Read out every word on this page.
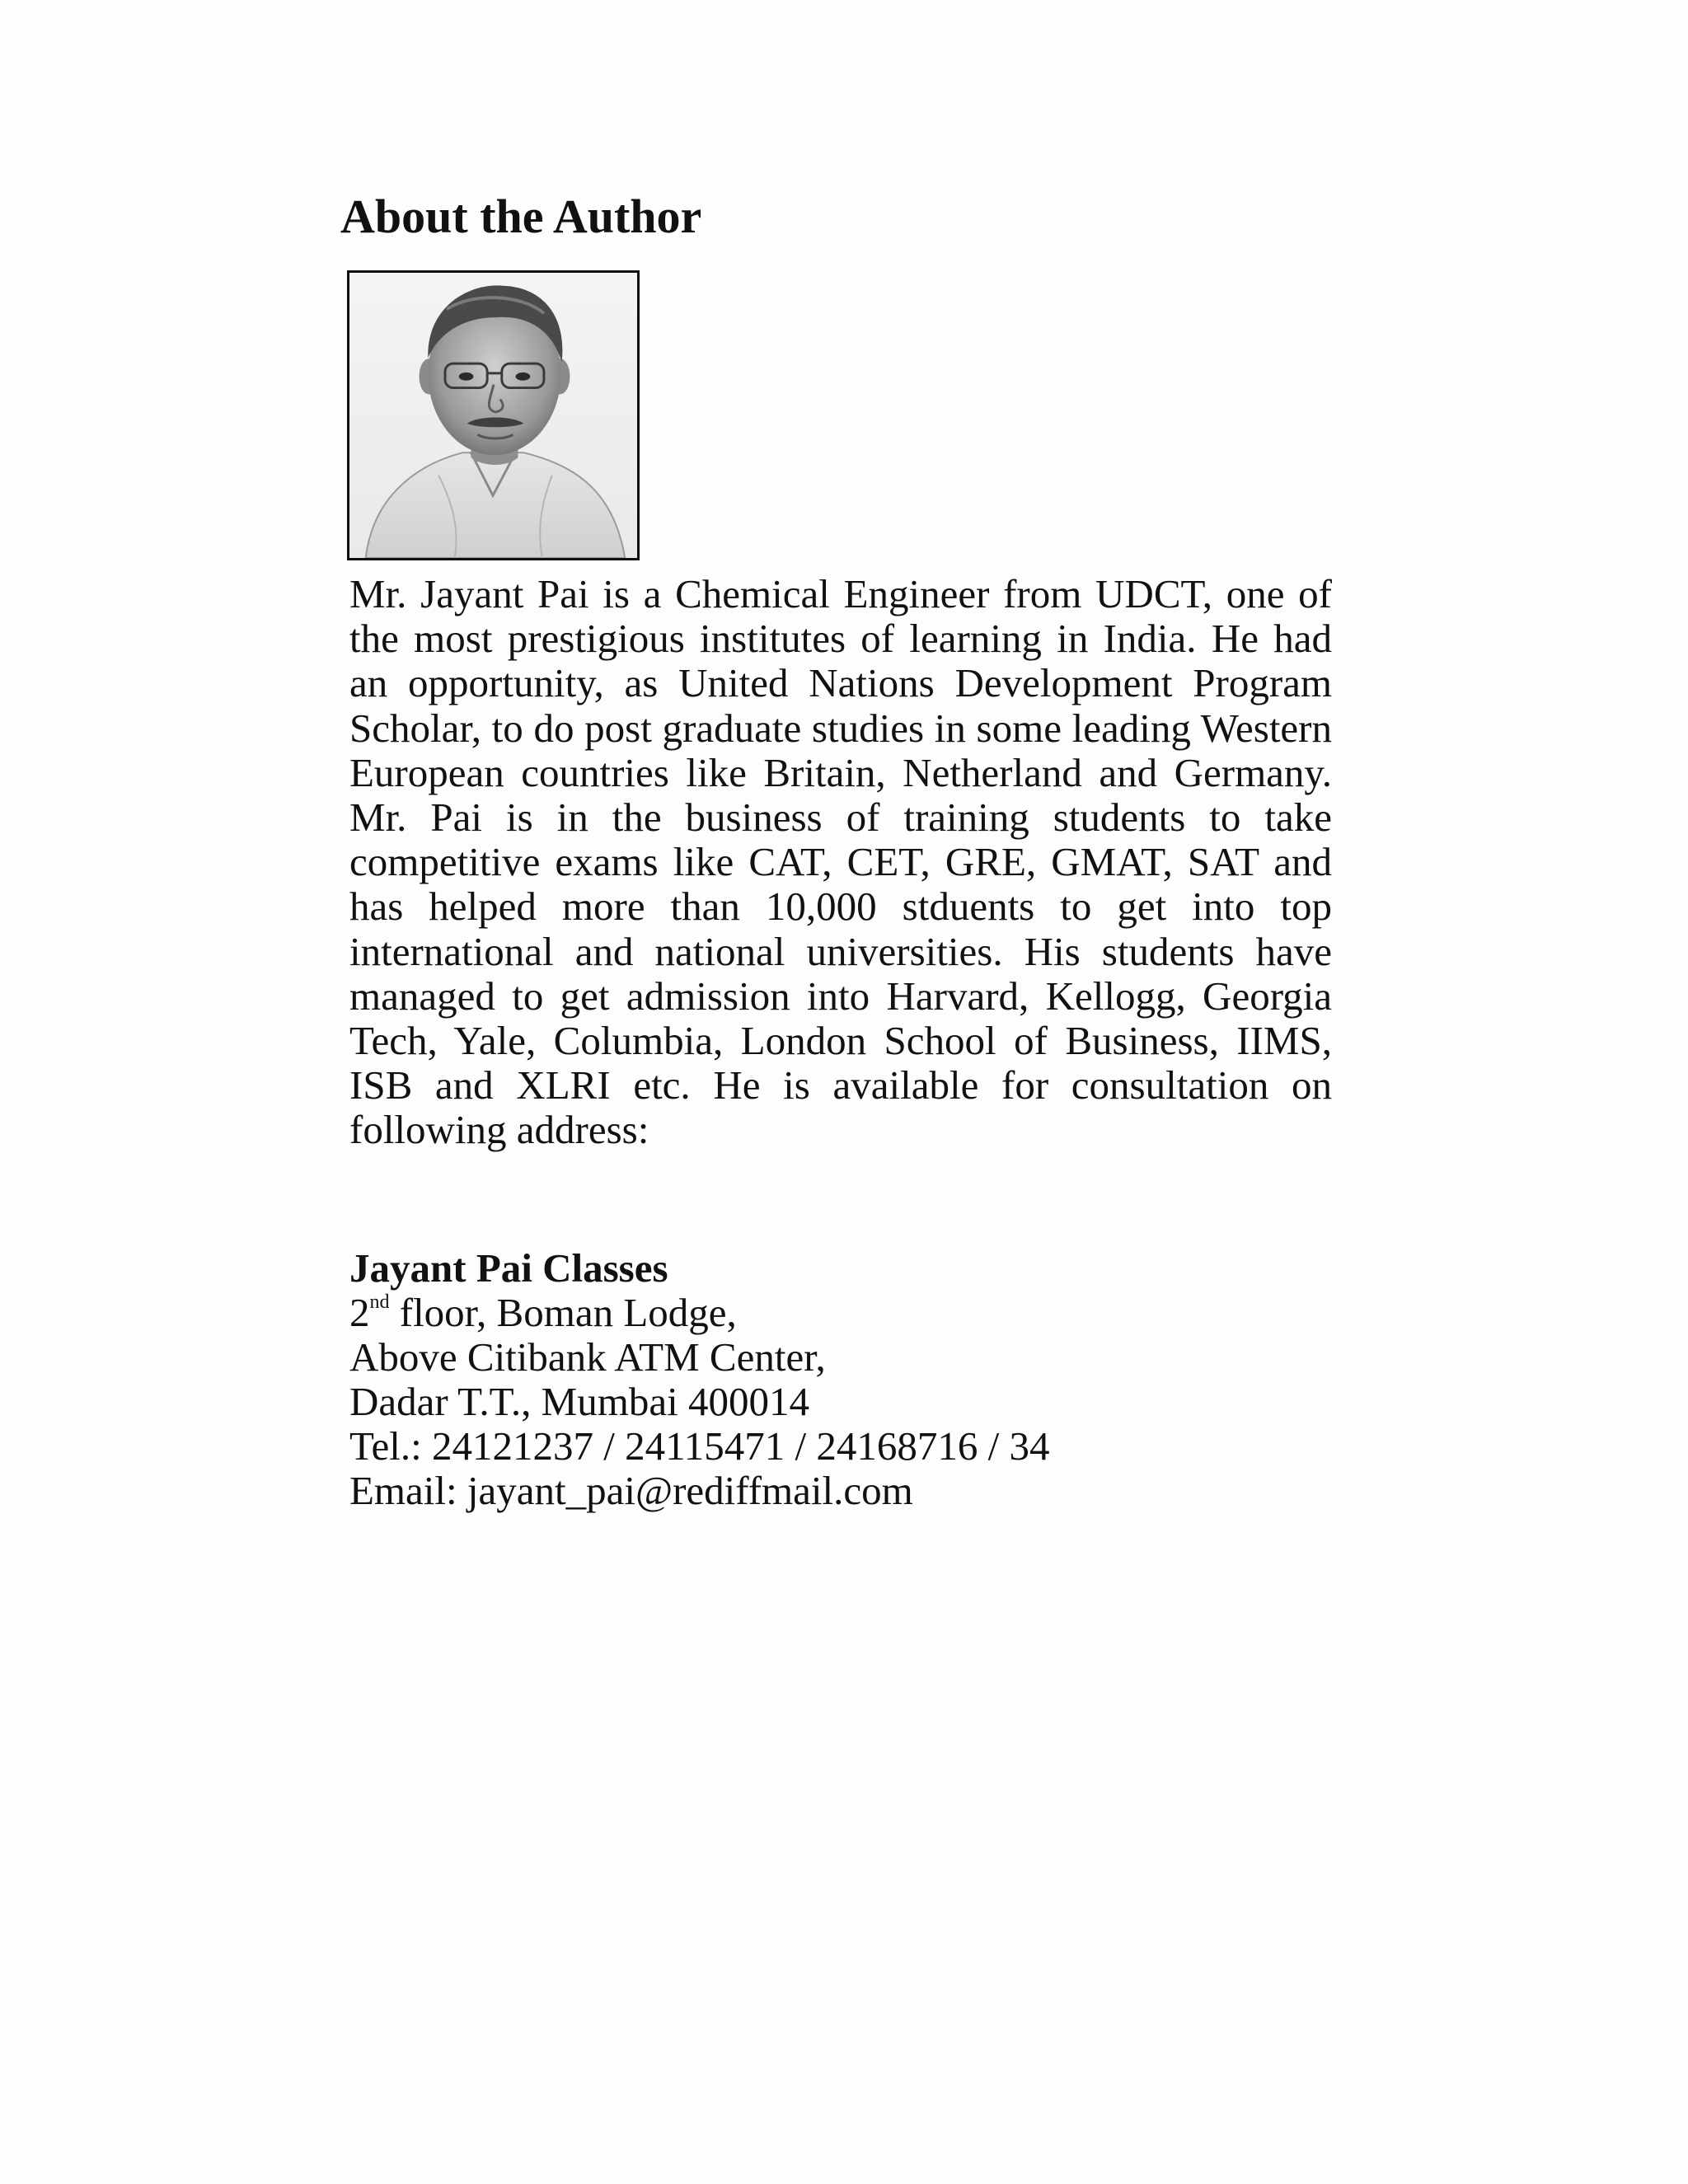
About the Author

Mr. Jayant Pai is a Chemical Engineer from UDCT, one of the most prestigious institutes of learning in India. He had an opportunity, as United Nations Development Program Scholar, to do post graduate studies in some leading Western European countries like Britain, Netherland and Germany. Mr. Pai is in the business of training students to take competitive exams like CAT, CET, GRE, GMAT, SAT and has helped more than 10,000 stduents to get into top international and national universities. His students have managed to get admission into Harvard, Kellogg, Georgia Tech, Yale, Columbia, London School of Business, IIMS, ISB and XLRI etc. He is available for consultation on following address:

Jayant Pai Classes
2nd floor, Boman Lodge,
Above Citibank ATM Center,
Dadar T.T., Mumbai 400014
Tel.: 24121237 / 24115471 / 24168716 / 34
Email: jayant_pai@rediffmail.com
